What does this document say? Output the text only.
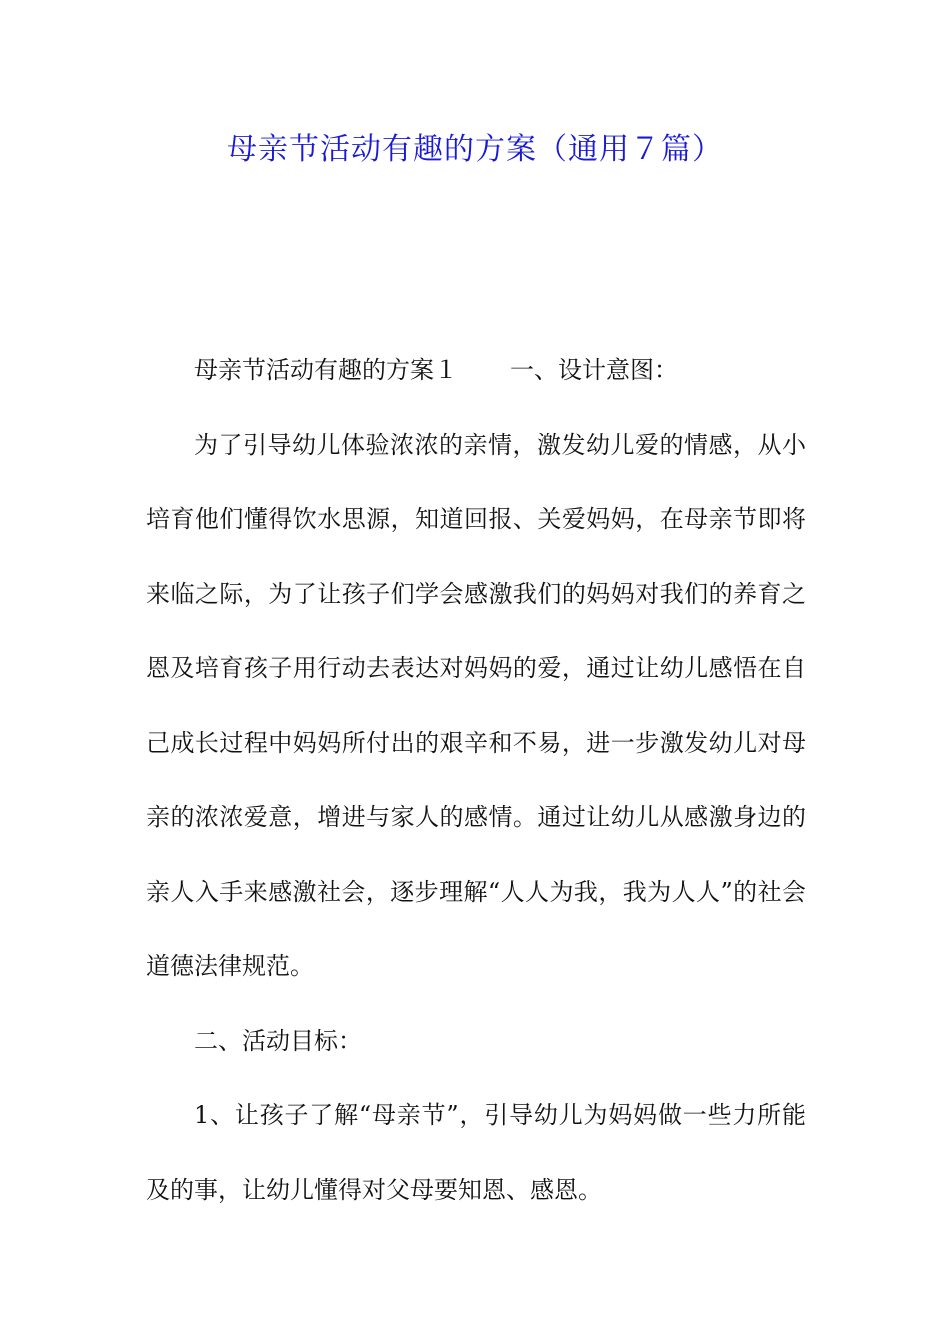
母亲节活动有趣的方案（通用７篇）

母亲节活动有趣的方案１ 一、设计意图：

为了引导幼儿体验浓浓的亲情，激发幼儿爱的情感，从小培育他们懂得饮水思源，知道回报、关爱妈妈，在母亲节即将来临之际，为了让孩子们学会感激我们的妈妈对我们的养育之恩及培育孩子用行动去表达对妈妈的爱，通过让幼儿感悟在自己成长过程中妈妈所付出的艰辛和不易，进一步激发幼儿对母亲的浓浓爱意，增进与家人的感情。通过让幼儿从感激身边的亲人入手来感激社会，逐步理解“人人为我，我为人人”的社会道德法律规范。

二、活动目标：

1、让孩子了解“母亲节”，引导幼儿为妈妈做一些力所能及的事，让幼儿懂得对父母要知恩、感恩。
